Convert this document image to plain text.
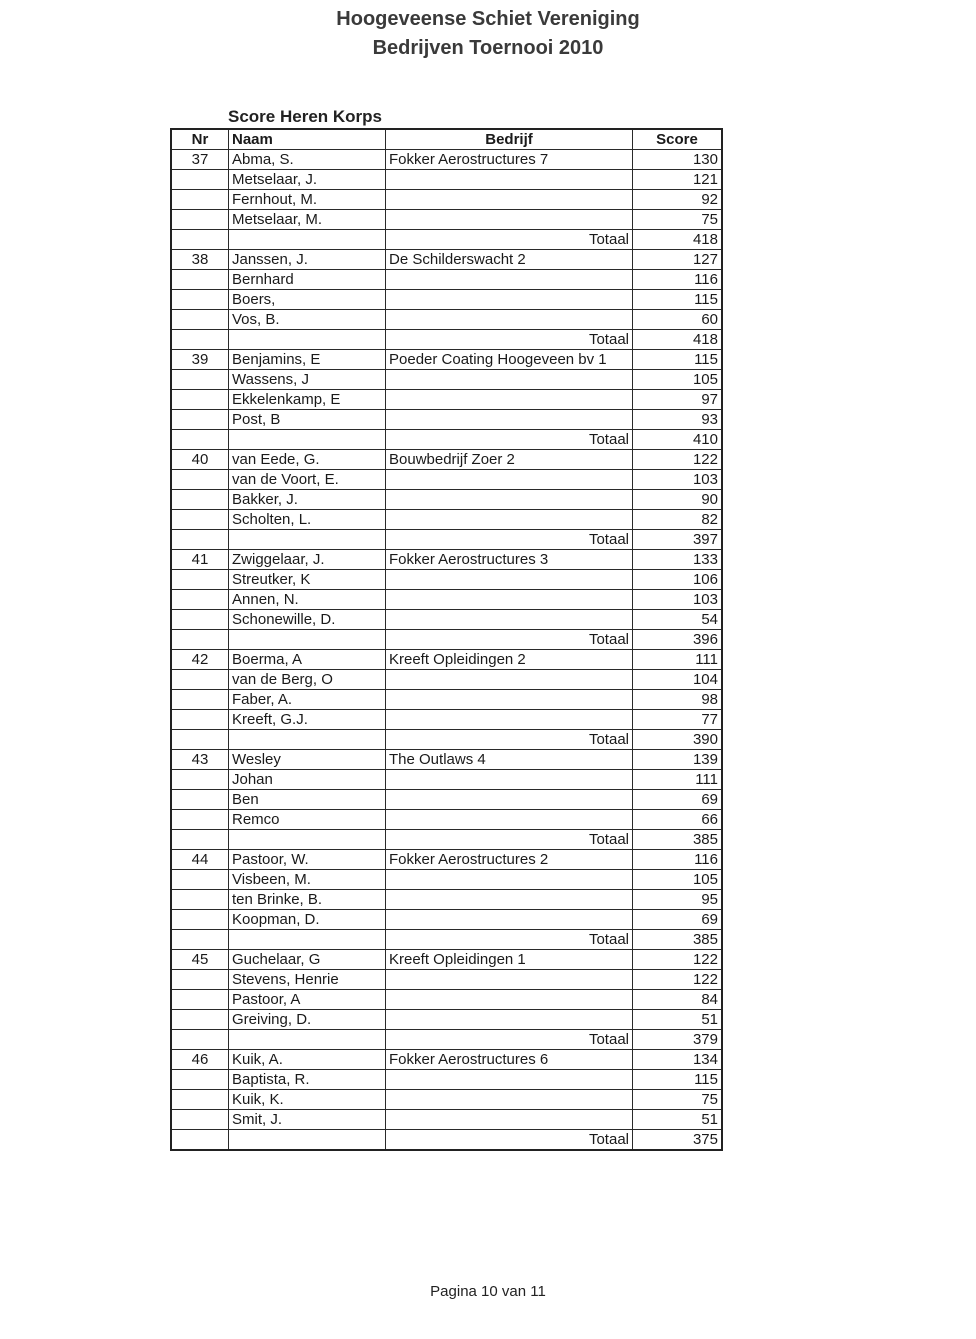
Hoogeveense Schiet Vereniging
Bedrijven Toernooi 2010
Score Heren Korps
Nr	Naam	Bedrijf	Score
37	Abma, S.	Fokker Aerostructures 7	130
	Metselaar, J.		121
	Fernhout, M.		92
	Metselaar, M.		75
		Totaal	418
38	Janssen, J.	De Schilderswacht 2	127
	Bernhard		116
	Boers,		115
	Vos, B.		60
		Totaal	418
39	Benjamins, E	Poeder Coating Hoogeveen bv 1	115
	Wassens, J		105
	Ekkelenkamp, E		97
	Post, B		93
		Totaal	410
40	van Eede, G.	Bouwbedrijf Zoer 2	122
	van de Voort, E.		103
	Bakker, J.		90
	Scholten, L.		82
		Totaal	397
41	Zwiggelaar, J.	Fokker Aerostructures 3	133
	Streutker, K		106
	Annen, N.		103
	Schonewille, D.		54
		Totaal	396
42	Boerma, A	Kreeft Opleidingen 2	111
	van de Berg, O		104
	Faber, A.		98
	Kreeft, G.J.		77
		Totaal	390
43	Wesley	The Outlaws 4	139
	Johan		111
	Ben		69
	Remco		66
		Totaal	385
44	Pastoor, W.	Fokker Aerostructures 2	116
	Visbeen, M.		105
	ten Brinke, B.		95
	Koopman, D.		69
		Totaal	385
45	Guchelaar, G	Kreeft Opleidingen 1	122
	Stevens, Henrie		122
	Pastoor, A		84
	Greiving, D.		51
		Totaal	379
46	Kuik, A.	Fokker Aerostructures 6	134
	Baptista, R.		115
	Kuik, K.		75
	Smit, J.		51
		Totaal	375
Pagina 10 van 11
